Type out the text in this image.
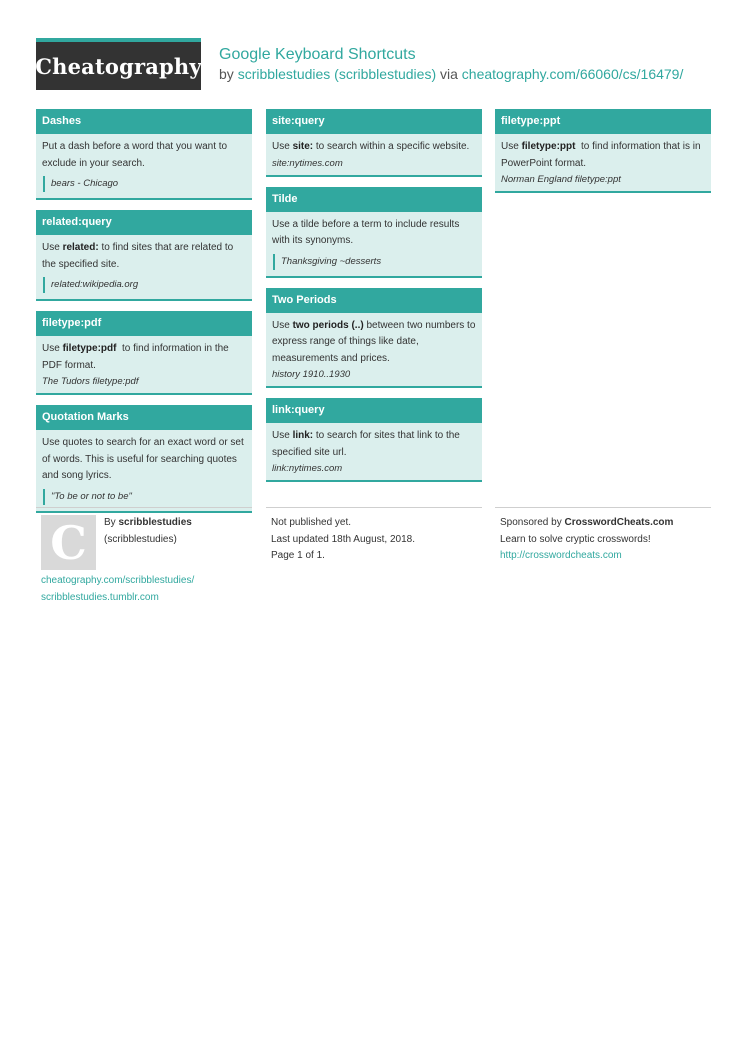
Cheatography Google Keyboard Shortcuts
by scribblestudies (scribblestudies) via cheatography.com/66060/cs/16479/
Dashes

Put a dash before a word that you want to exclude in your search.

bears - Chicago
related:query

Use related: to find sites that are related to the specified site.

related:wikipedia.org
filetype:pdf

Use filetype:pdf  to find information in the PDF format.

The Tudors filetype:pdf
Quotation Marks

Use quotes to search for an exact word or set of words. This is useful for searching quotes and song lyrics.

"To be or not to be"
site:query

Use site: to search within a specific website.

site:nytimes.com
Tilde

Use a tilde before a term to include results with its synonyms.

Thanksgiving ~desserts
Two Periods

Use two periods (..) between two numbers to express range of things like date, measurements and prices.

history 1910..1930
link:query

Use link: to search for sites that link to the specified site url.

link:nytimes.com
filetype:ppt

Use filetype:ppt  to find information that is in PowerPoint format.

Norman England filetype:ppt
C By scribblestudies
(scribblestudies)
cheatography.com/scribblestudies/
scribblestudies.tumblr.com
Not published yet.
Last updated 18th August, 2018.
Page 1 of 1.
Sponsored by CrosswordCheats.com
Learn to solve cryptic crosswords!
http://crosswordcheats.com
